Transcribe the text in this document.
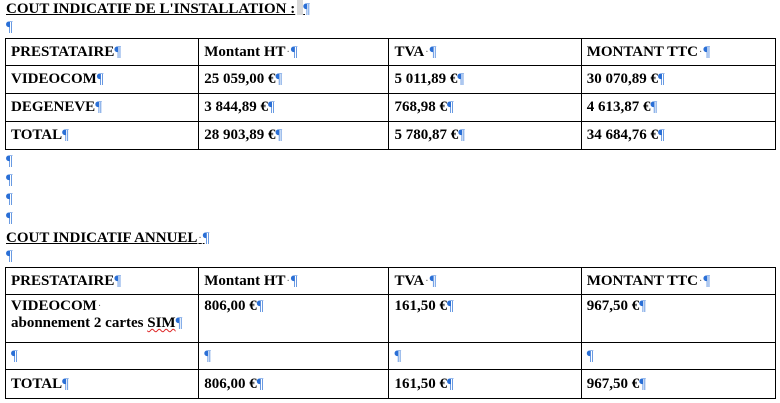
COUT INDICATIF DE L'INSTALLATION : ¶
¶
PRESTATAIRE¶	Montant HT·¶	TVA·¶	MONTANT TTC·¶
VIDEOCOM¶	25 059,00 €¶	5 011,89 €¶	30 070,89 €¶
DEGENEVE¶	3 844,89 €¶	768,98 €¶	4 613,87 €¶
TOTAL¶	28 903,89 €¶	5 780,87 €¶	34 684,76 €¶
¶
¶
¶
¶
COUT INDICATIF ANNUEL·¶
¶
PRESTATAIRE¶	Montant HT·¶	TVA·¶	MONTANT TTC·¶

VIDEOCOM·
abonnement 2 cartes SIM¶	806,00 €¶	161,50 €¶	967,50 €¶
¶	¶	¶	¶
TOTAL¶	806,00 €¶	161,50 €¶	967,50 €¶
